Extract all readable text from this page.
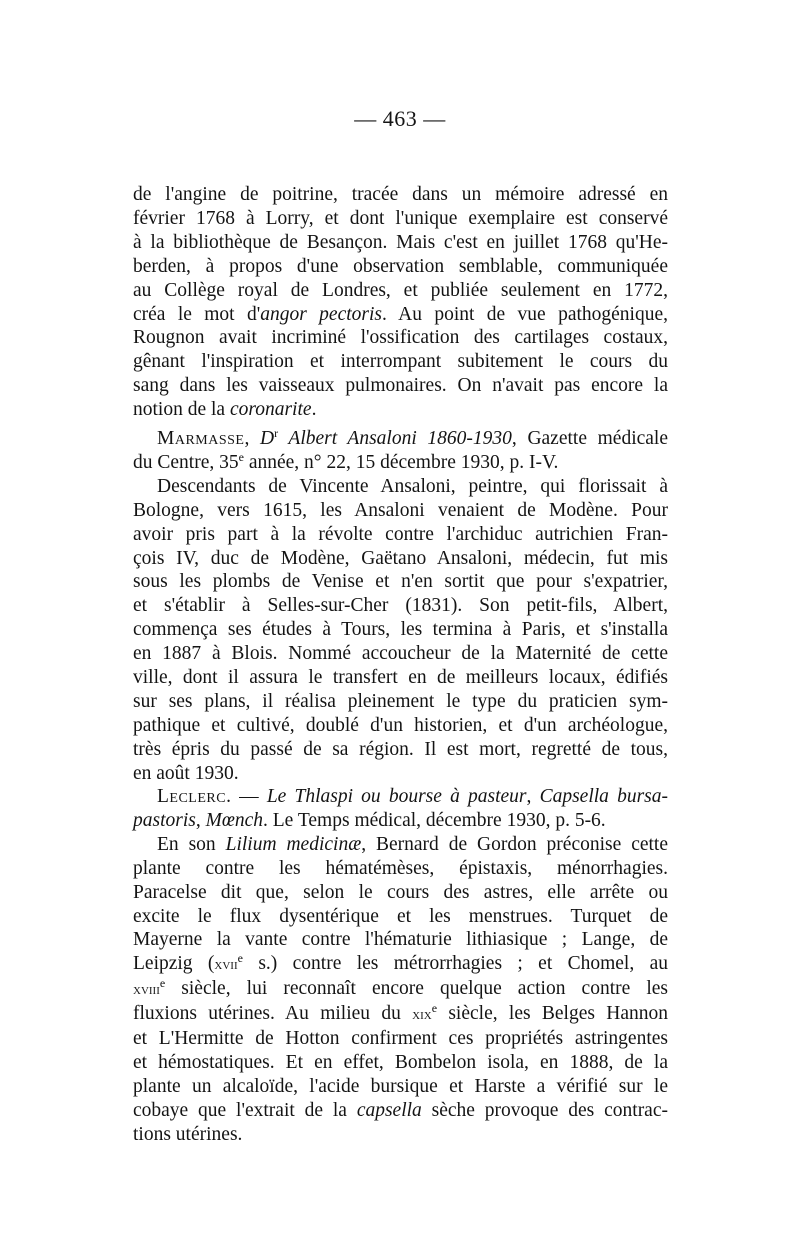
— 463 —
de l'angine de poitrine, tracée dans un mémoire adressé en
février 1768 à Lorry, et dont l'unique exemplaire est conservé
à la bibliothèque de Besançon. Mais c'est en juillet 1768 qu'He-
berden, à propos d'une observation semblable, communiquée
au Collège royal de Londres, et publiée seulement en 1772,
créa le mot d'angor pectoris. Au point de vue pathogénique,
Rougnon avait incriminé l'ossification des cartilages costaux,
gênant l'inspiration et interrompant subitement le cours du
sang dans les vaisseaux pulmonaires. On n'avait pas encore la
notion de la coronarite.
Marmasse, $D^r$ Albert Ansaloni 1860-1930, Gazette médicale
du Centre, 35e année, n° 22, 15 décembre 1930, p. I-V.
Descendants de Vincente Ansaloni, peintre, qui florissait à
Bologne, vers 1615, les Ansaloni venaient de Modène. Pour
avoir pris part à la révolte contre l'archiduc autrichien Fran-
çois IV, duc de Modène, Gaëtano Ansaloni, médecin, fut mis
sous les plombs de Venise et n'en sortit que pour s'expatrier,
et s'établir à Selles-sur-Cher (1831). Son petit-fils, Albert,
commença ses études à Tours, les termina à Paris, et s'installa
en 1887 à Blois. Nommé accoucheur de la Maternité de cette
ville, dont il assura le transfert en de meilleurs locaux, édifiés
sur ses plans, il réalisa pleinement le type du praticien sym-
pathique et cultivé, doublé d'un historien, et d'un archéologue,
très épris du passé de sa région. Il est mort, regretté de tous,
en août 1930.
Leclerc. — Le Thlaspi ou bourse à pasteur, Capsella bursa-
pastoris, Mœnch. Le Temps médical, décembre 1930, p. 5-6.
En son Lilium medicinæ, Bernard de Gordon préconise cette
plante contre les hématémèses, épistaxis, ménorrhagies.
Paracelse dit que, selon le cours des astres, elle arrête ou
excite le flux dysentérique et les menstrues. Turquet de
Mayerne la vante contre l'hématurie lithiasique ; Lange, de
Leipzig (xvii$^e$ s.) contre les métrorrhagies ; et Chomel, au
xviii$^e$ siècle, lui reconnaît encore quelque action contre les
fluxions utérines. Au milieu du xix$^e$ siècle, les Belges Hannon
et L'Hermitte de Hotton confirment ces propriétés astringentes
et hémostatiques. Et en effet, Bombelon isola, en 1888, de la
plante un alcaloïde, l'acide bursique et Harste a vérifié sur le
cobaye que l'extrait de la capsella sèche provoque des contrac-
tions utérines.
